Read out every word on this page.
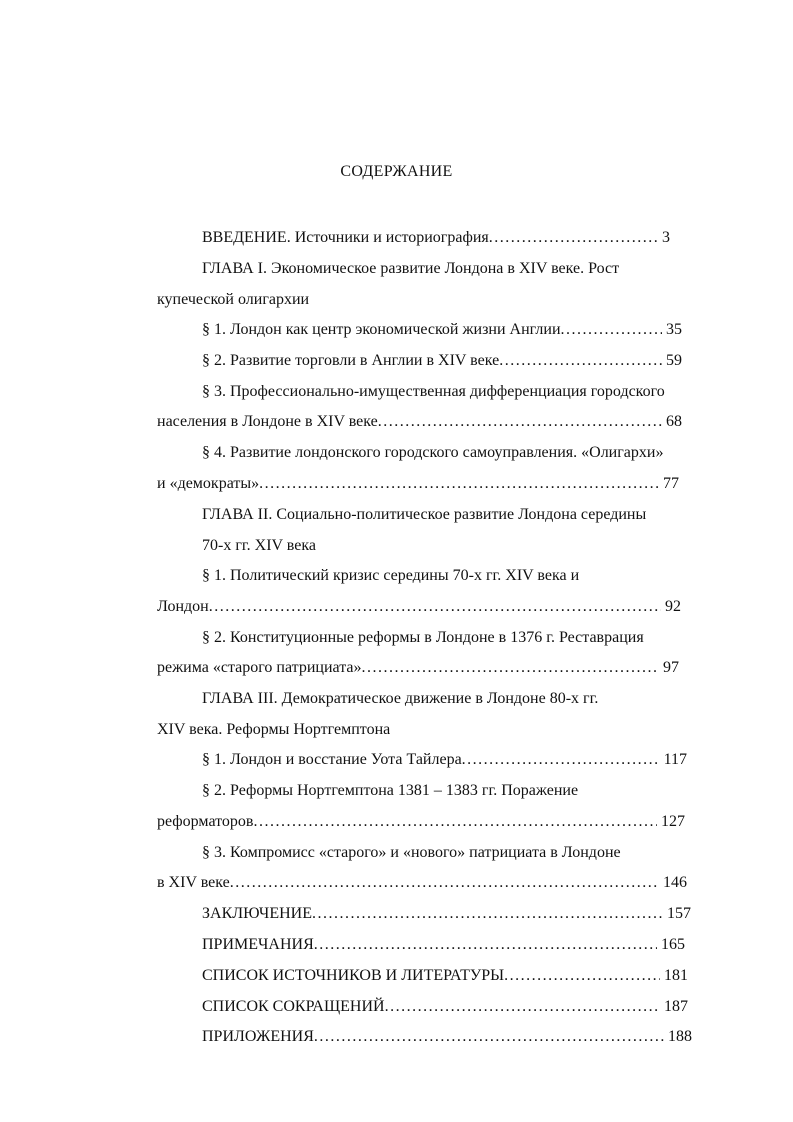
СОДЕРЖАНИЕ
ВВЕДЕНИЕ. Источники и историография .....	3
ГЛАВА I. Экономическое развитие Лондона в XIV веке. Рост
купеческой олигархии
§ 1. Лондон как центр экономической жизни Англии .....	35
§ 2. Развитие торговли в Англии в XIV веке .....	59
§ 3. Профессионально-имущественная дифференциация городского
населения в Лондоне в XIV веке .....	68
§ 4. Развитие лондонского городского самоуправления. «Олигархи»
и «демократы» .....	77
ГЛАВА II. Социально-политическое развитие Лондона середины
70-х гг. XIV века
§ 1. Политический кризис середины 70-х гг. XIV века и
Лондон .....	92
§ 2. Конституционные реформы в Лондоне в 1376 г. Реставрация
режима «старого патрициата» .....	97
ГЛАВА III. Демократическое движение в Лондоне 80-х гг.
XIV века. Реформы Нортгемптона
§ 1. Лондон и восстание Уота Тайлера .....	117
§ 2. Реформы Нортгемптона 1381 – 1383 гг. Поражение
реформаторов .....	127
§ 3. Компромисс «старого» и «нового» патрициата в Лондоне
в XIV веке .....	146
ЗАКЛЮЧЕНИЕ .....	157
ПРИМЕЧАНИЯ .....	165
СПИСОК ИСТОЧНИКОВ И ЛИТЕРАТУРЫ .....	181
СПИСОК СОКРАЩЕНИЙ .....	187
ПРИЛОЖЕНИЯ .....	188
